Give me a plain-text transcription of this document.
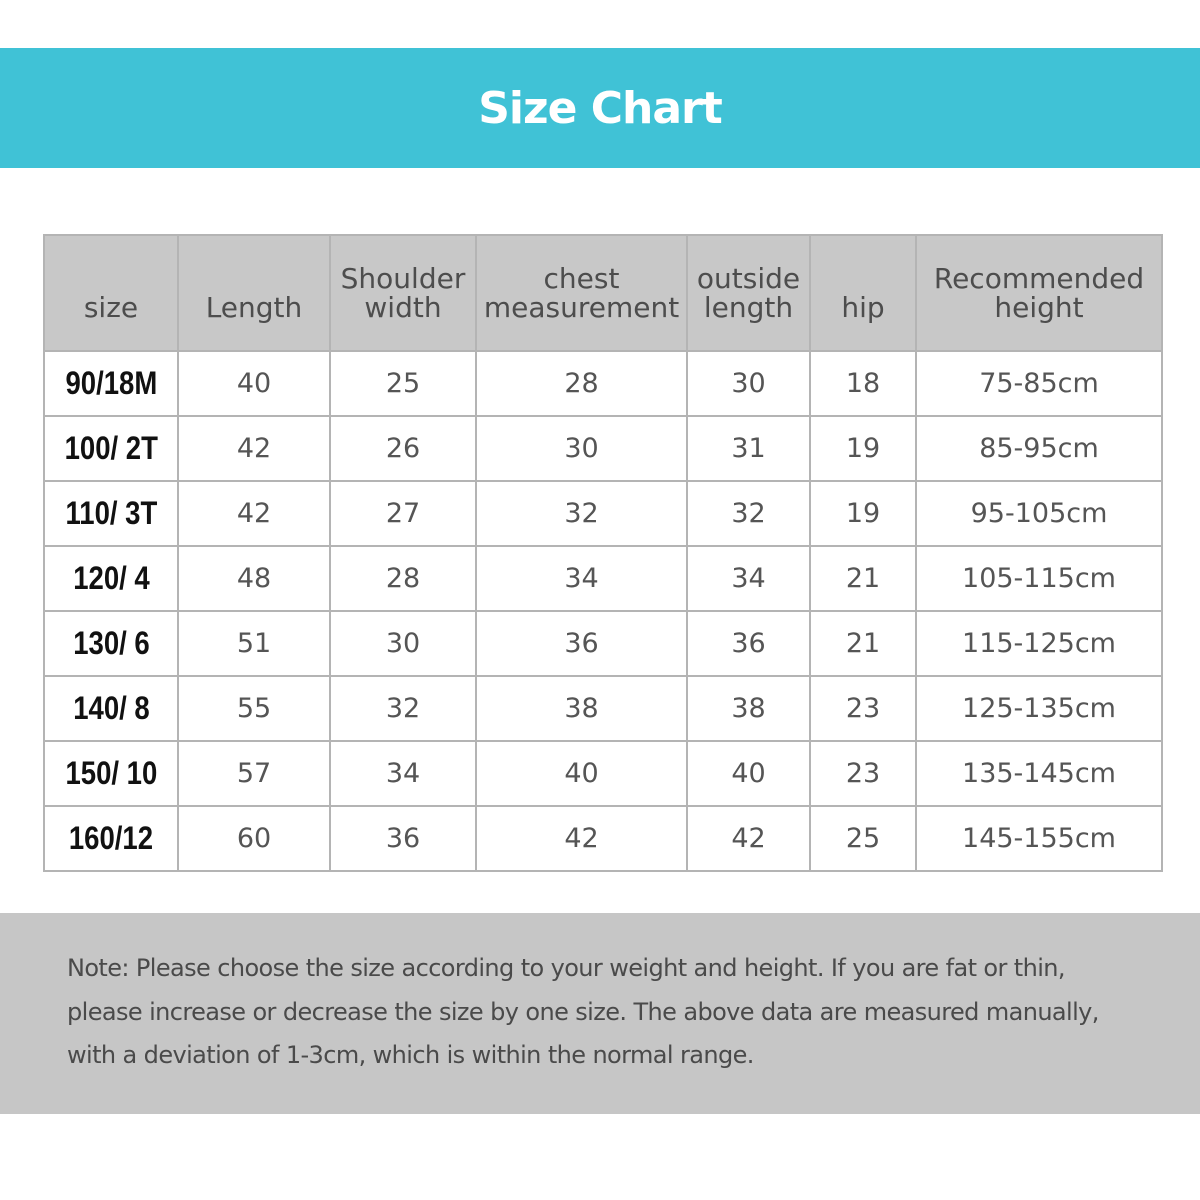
Size Chart
size	Length	Shoulder width	chest measurement	outside length	hip	Recommended height
90/18M	40	25	28	30	18	75-85cm
100/ 2T	42	26	30	31	19	85-95cm
110/ 3T	42	27	32	32	19	95-105cm
120/ 4	48	28	34	34	21	105-115cm
130/ 6	51	30	36	36	21	115-125cm
140/ 8	55	32	38	38	23	125-135cm
150/ 10	57	34	40	40	23	135-145cm
160/12	60	36	42	42	25	145-155cm

Note: Please choose the size according to your weight and height. If you are fat or thin, please increase or decrease the size by one size. The above data are measured manually, with a deviation of 1-3cm, which is within the normal range.
